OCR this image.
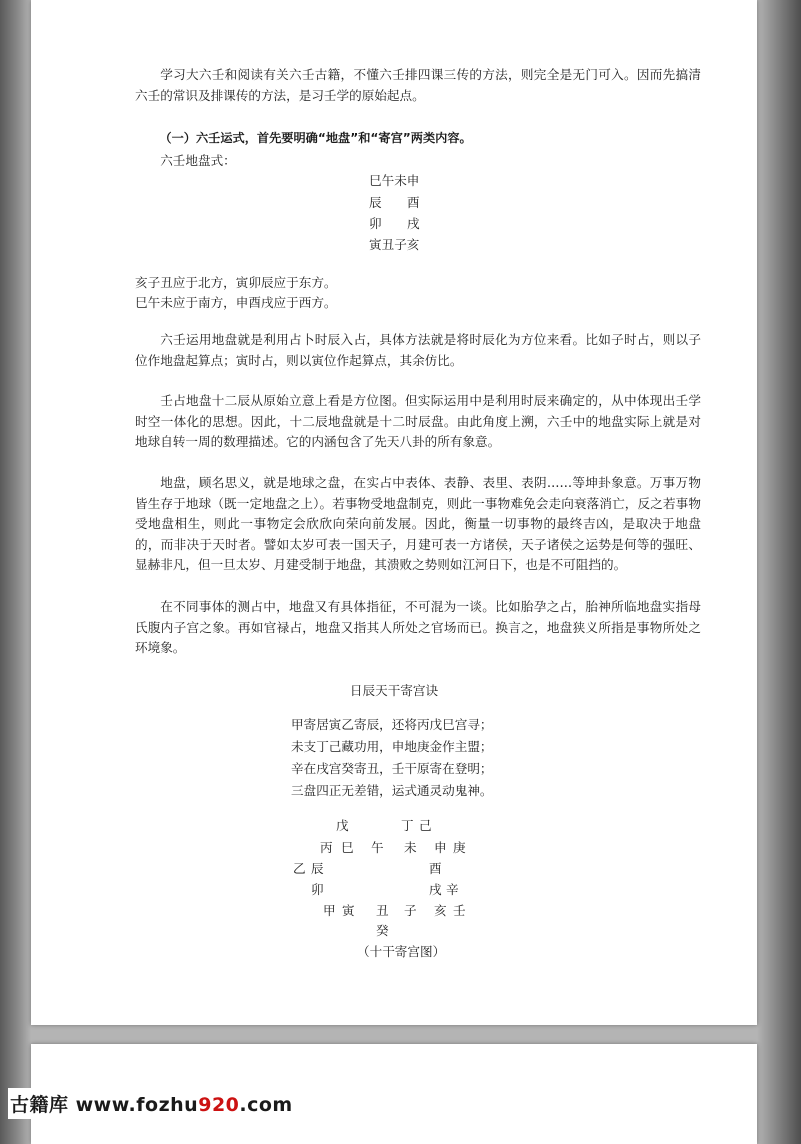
学习大六壬和阅读有关六壬古籍，不懂六壬排四课三传的方法，则完全是无门可入。因而先搞清六壬的常识及排课传的方法，是习壬学的原始起点。

（一）六壬运式，首先要明确“地盘”和“寄宫”两类内容。

六壬地盘式：

巳午未申

辰 酉

卯 戌

寅丑子亥

亥子丑应于北方，寅卯辰应于东方。

巳午未应于南方，申酉戌应于西方。

六壬运用地盘就是利用占卜时辰入占，具体方法就是将时辰化为方位来看。比如子时占，则以子位作地盘起算点；寅时占，则以寅位作起算点，其余仿比。

壬占地盘十二辰从原始立意上看是方位图。但实际运用中是利用时辰来确定的，从中体现出壬学时空一体化的思想。因此，十二辰地盘就是十二时辰盘。由此角度上溯，六壬中的地盘实际上就是对地球自转一周的数理描述。它的内涵包含了先天八卦的所有象意。

地盘，顾名思义，就是地球之盘，在实占中表体、表静、表里、表阴……等坤卦象意。万事万物皆生存于地球（既一定地盘之上）。若事物受地盘制克，则此一事物难免会走向衰落消亡，反之若事物受地盘相生，则此一事物定会欣欣向荣向前发展。因此，衡量一切事物的最终吉凶，是取决于地盘的，而非决于天时者。譬如太岁可表一国天子，月建可表一方诸侯，天子诸侯之运势是何等的强旺、显赫非凡，但一旦太岁、月建受制于地盘，其溃败之势则如江河日下，也是不可阻挡的。

在不同事体的测占中，地盘又有具体指征，不可混为一谈。比如胎孕之占，胎神所临地盘实指母氏腹内子宫之象。再如官禄占，地盘又指其人所处之官场而已。换言之，地盘狭义所指是事物所处之环境象。

日辰天干寄宫诀

甲寄居寅乙寄辰，还将丙戊巳宫寻；
未支丁己藏功用，申地庚金作主盟；
辛在戌宫癸寄丑，壬干原寄在登明；
三盘四正无差错，运式通灵动鬼神。
戊	丁 己
丙 巳 午 未 申 庚
乙 辰	酉
卯	戌 辛
甲 寅 丑 子 亥 壬
癸
（十干寄宫图）
古籍库 www.fozhu920.com
